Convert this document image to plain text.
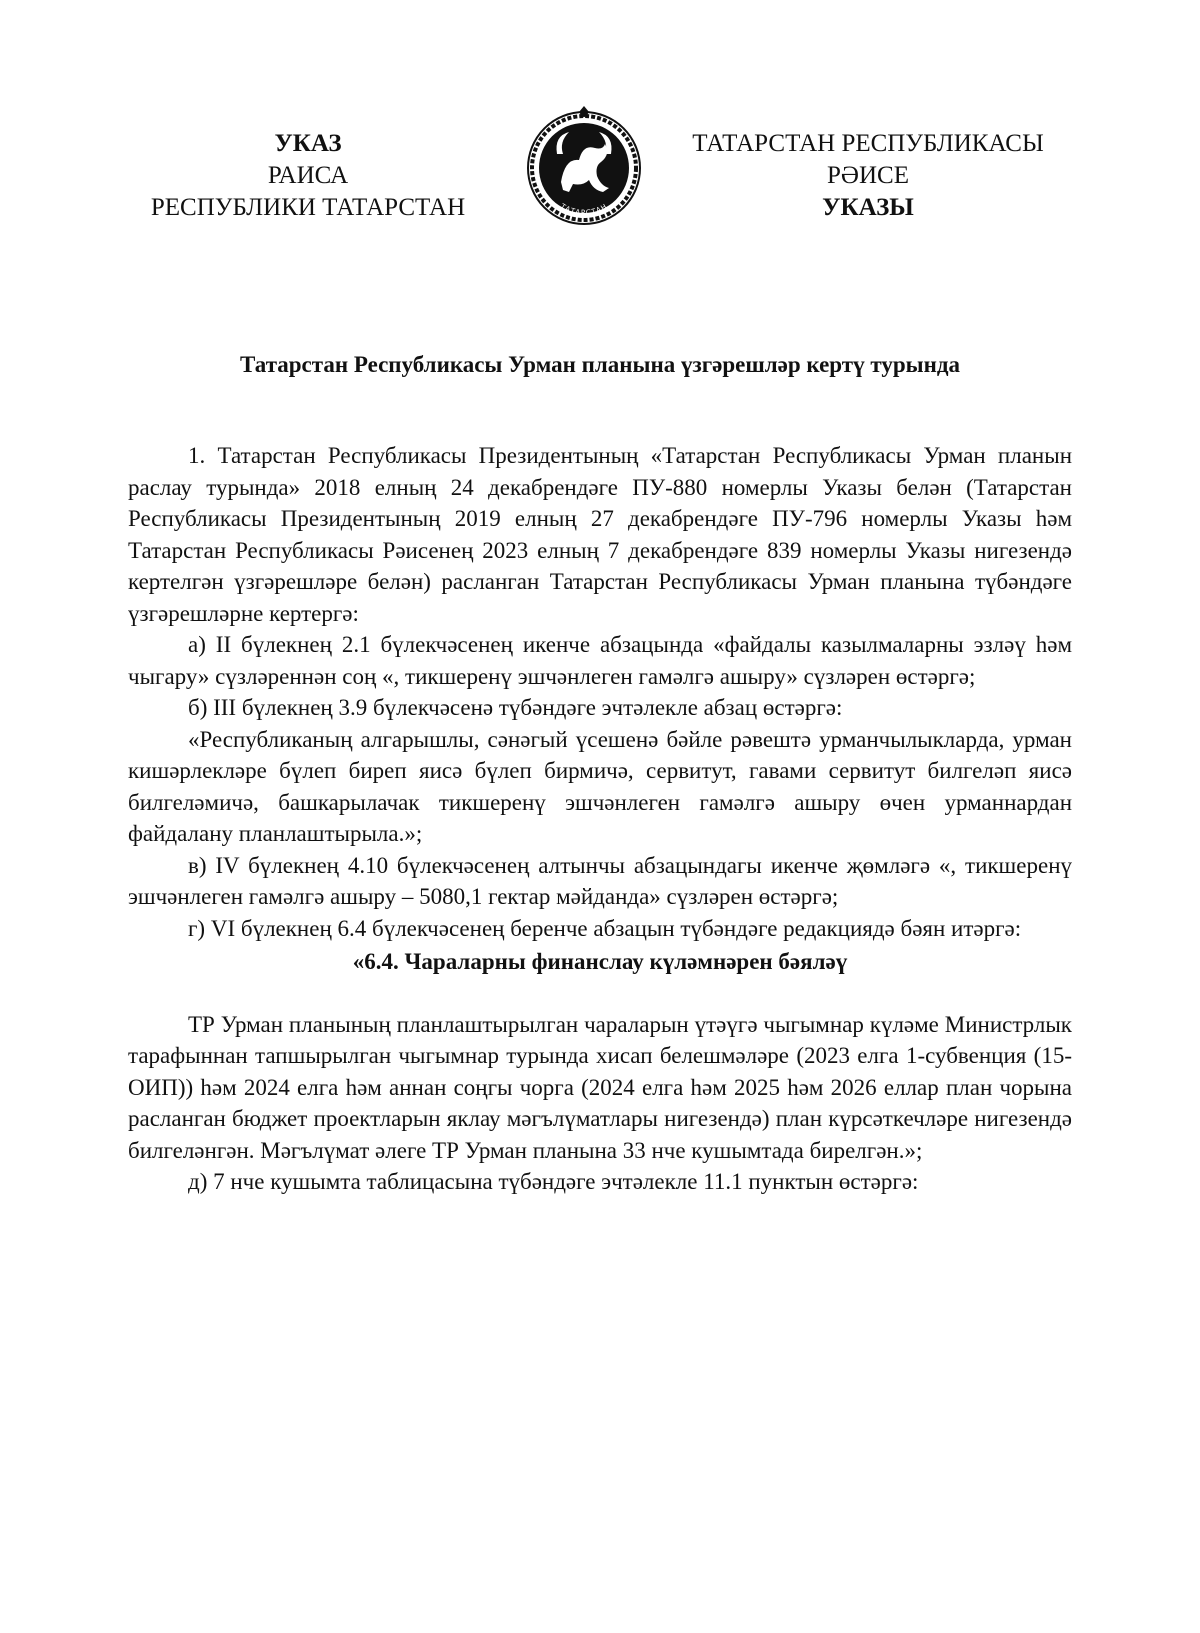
УКАЗ
РАИСА
РЕСПУБЛИКИ ТАТАРСТАН
ТАТАРСТАН РЕСПУБЛИКАСЫ
РӘИСЕ
УКАЗЫ
ТАТАРСТАН
Татарстан Республикасы Урман планына үзгәрешләр кертү турында

1. Татарстан Республикасы Президентының «Татарстан Республикасы Урман планын раслау турында» 2018 елның 24 декабрендәге ПУ-880 номерлы Указы белән (Татарстан Республикасы Президентының 2019 елның 27 декабрендәге ПУ-796 номерлы Указы һәм Татарстан Республикасы Рәисенең 2023 елның 7 декабрендәге 839 номерлы Указы нигезендә кертелгән үзгәрешләре белән) расланган Татарстан Республикасы Урман планына түбәндәге үзгәрешләрне кертергә:

а) II бүлекнең 2.1 бүлекчәсенең икенче абзацында «файдалы казылмаларны эзләү һәм чыгару» сүзләреннән соң «, тикшеренү эшчәнлеген гамәлгә ашыру» сүзләрен өстәргә;

б) III бүлекнең 3.9 бүлекчәсенә түбәндәге эчтәлекле абзац өстәргә:

«Республиканың алгарышлы, сәнәгый үсешенә бәйле рәвештә урманчылыкларда, урман кишәрлекләре бүлеп биреп яисә бүлеп бирмичә, сервитут, гавами сервитут билгеләп яисә билгеләмичә, башкарылачак тикшеренү эшчәнлеген гамәлгә ашыру өчен урманнардан файдалану планлаштырыла.»;

в) IV бүлекнең 4.10 бүлекчәсенең алтынчы абзацындагы икенче җөмләгә «, тикшеренү эшчәнлеген гамәлгә ашыру – 5080,1 гектар мәйданда» сүзләрен өстәргә;

г) VI бүлекнең 6.4 бүлекчәсенең беренче абзацын түбәндәге редакциядә бәян итәргә:

«6.4. Чараларны финанслау күләмнәрен бәяләү

ТР Урман планының планлаштырылган чараларын үтәүгә чыгымнар күләме Министрлык тарафыннан тапшырылган чыгымнар турында хисап белешмәләре (2023 елга 1-субвенция (15-ОИП)) һәм 2024 елга һәм аннан соңгы чорга (2024 елга һәм 2025 һәм 2026 еллар план чорына расланган бюджет проектларын яклау мәгълүматлары нигезендә) план күрсәткечләре нигезендә билгеләнгән. Мәгълүмат әлеге ТР Урман планына 33 нче кушымтада бирелгән.»;

д) 7 нче кушымта таблицасына түбәндәге эчтәлекле 11.1 пунктын өстәргә:
